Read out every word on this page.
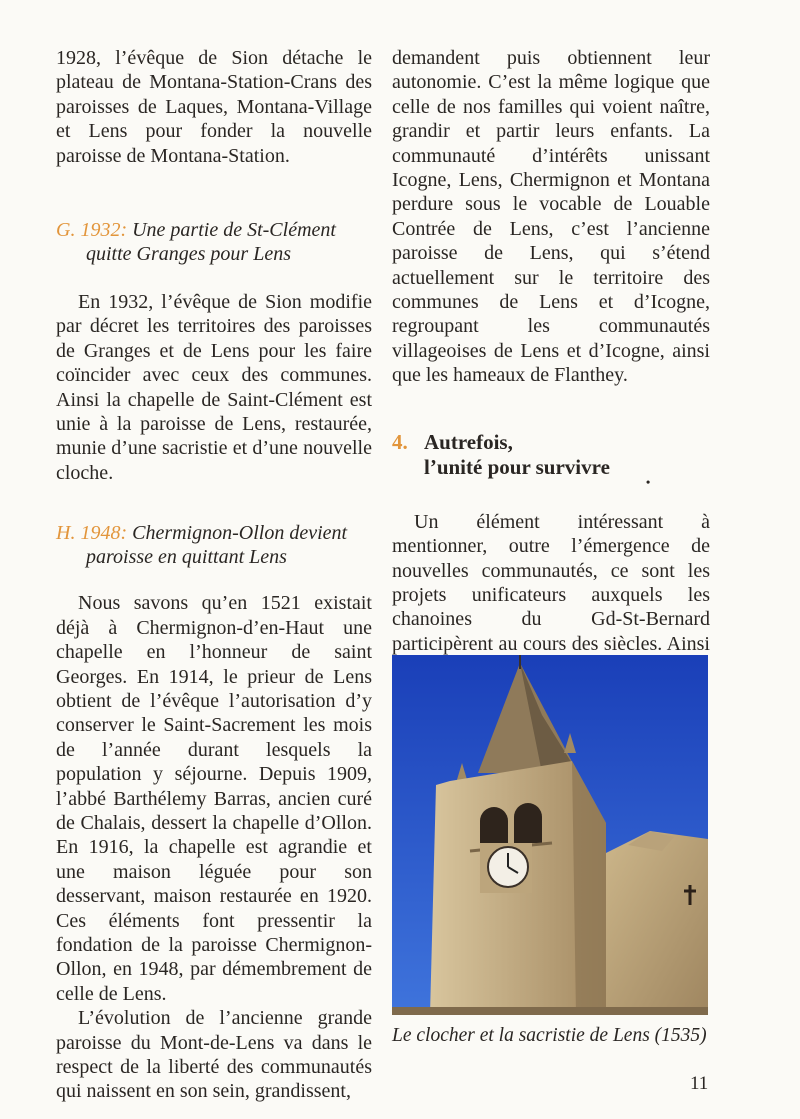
1928, l’évêque de Sion détache le plateau de Montana-Station-Crans des paroisses de Laques, Montana-Village et Lens pour fonder la nouvelle paroisse de Montana-Station.

G. 1932: Une partie de St-Clément
quitte Granges pour Lens

En 1932, l’évêque de Sion modifie par décret les territoires des paroisses de Granges et de Lens pour les faire coïncider avec ceux des communes. Ainsi la chapelle de Saint-Clément est unie à la paroisse de Lens, restaurée, munie d’une sacristie et d’une nouvelle cloche.

H. 1948: Chermignon-Ollon devient
paroisse en quittant Lens

Nous savons qu’en 1521 existait déjà à Chermignon-d’en-Haut une chapelle en l’honneur de saint Georges. En 1914, le prieur de Lens obtient de l’évêque l’autorisation d’y conserver le Saint-Sacrement les mois de l’année durant lesquels la population y séjourne. Depuis 1909, l’abbé Barthélemy Barras, ancien curé de Chalais, dessert la chapelle d’Ollon. En 1916, la chapelle est agrandie et une maison léguée pour son desservant, maison restaurée en 1920. Ces éléments font pressentir la fondation de la paroisse Chermignon-Ollon, en 1948, par démembrement de celle de Lens.

L’évolution de l’ancienne grande paroisse du Mont-de-Lens va dans le respect de la liberté des communautés qui naissent en son sein, grandissent,

demandent puis obtiennent leur autonomie. C’est la même logique que celle de nos familles qui voient naître, grandir et partir leurs enfants. La communauté d’intérêts unissant Icogne, Lens, Chermignon et Montana perdure sous le vocable de Louable Contrée de Lens, c’est l’ancienne paroisse de Lens, qui s’étend actuellement sur le territoire des communes de Lens et d’Icogne, regroupant les communautés villageoises de Lens et d’Icogne, ainsi que les hameaux de Flanthey.

4. Autrefois,
l’unité pour survivre
•

Un élément intéressant à mentionner, outre l’émergence de nouvelles communautés, ce sont les projets unificateurs auxquels les chanoines du Gd-St-Bernard participèrent au cours des siècles. Ainsi

Le clocher et la sacristie de Lens (1535)
11
